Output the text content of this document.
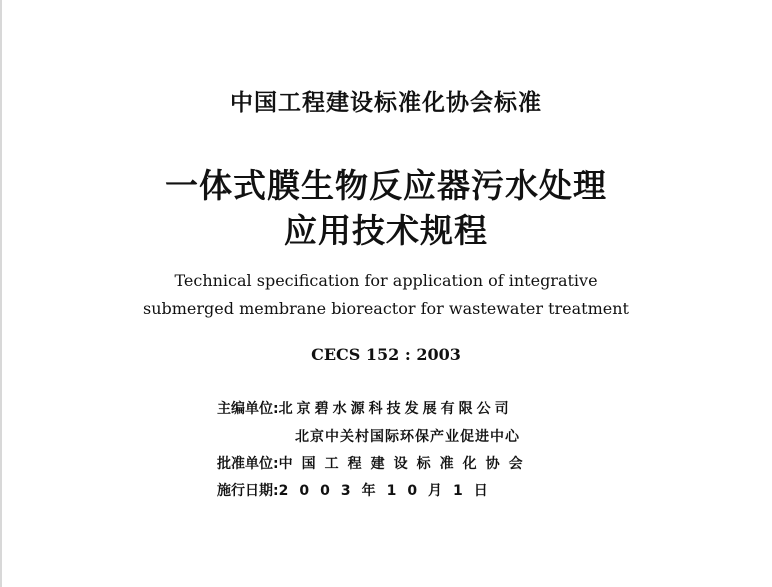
中国工程建设标准化协会标准
一体式膜生物反应器污水处理
应用技术规程
Technical specification for application of integrative
submerged membrane bioreactor for wastewater treatment
CECS 152 : 2003
主编单位:北京碧水源科技发展有限公司
北京中关村国际环保产业促进中心
批准单位:中国工程建设标准化协会
施行日期:2003年10月1日
